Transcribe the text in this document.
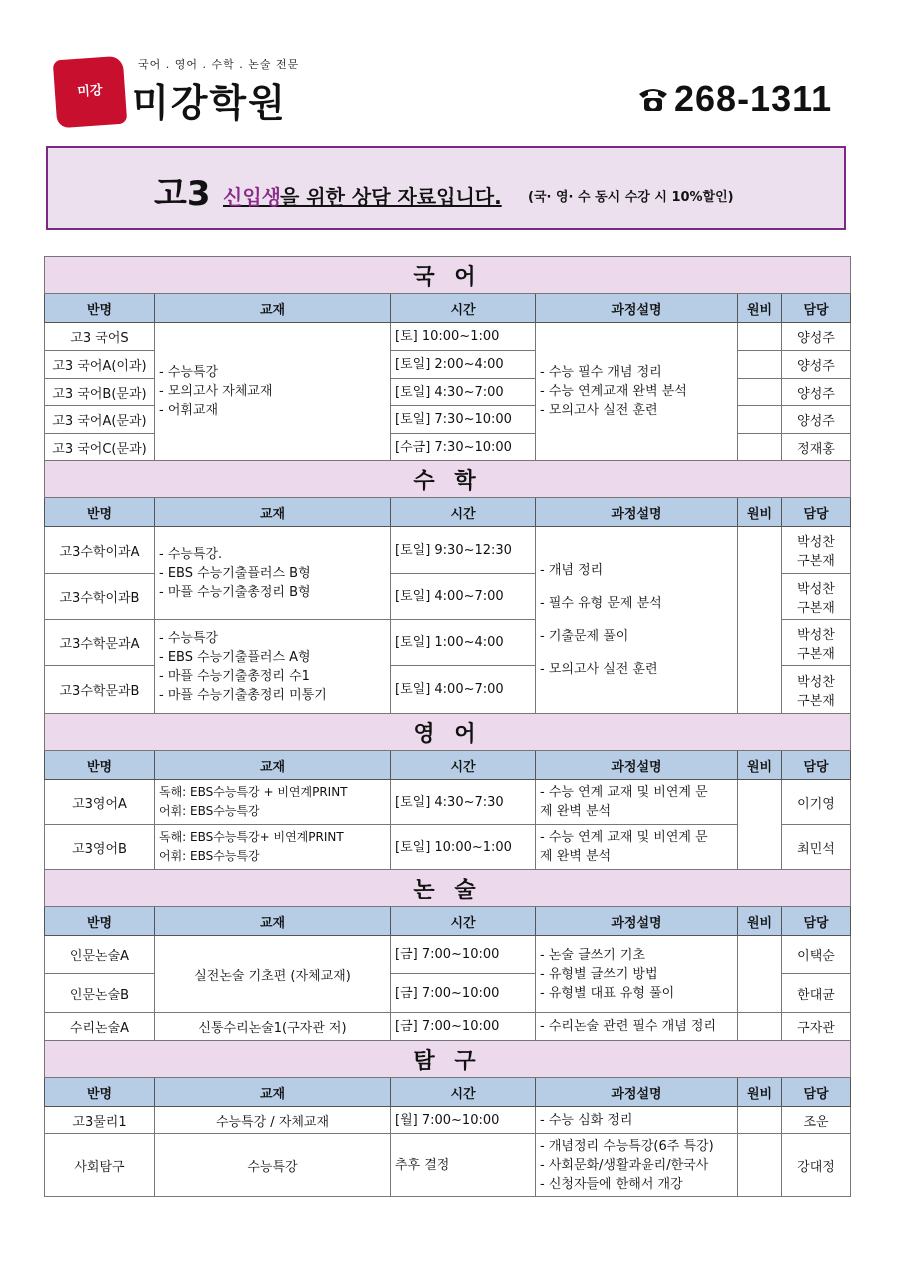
미강
국어 . 영어 . 수학 . 논술 전문
미강학원	268-1311
고3 신입생 을 위한 상담 자료입니다. (국· 영· 수 동시 수강 시 10%할인)
국 어					
반명	교재	시간	과정설명	원비	담당
고3 국어S	- 수능특강
- 모의고사 자체교재
- 어휘교재	[토] 10:00~1:00	- 수능 필수 개념 정리
- 수능 연계교재 완벽 분석
- 모의고사 실전 훈련		양성주
고3 국어A(이과)		[토일] 2:00~4:00			양성주
고3 국어B(문과)		[토일] 4:30~7:00			양성주
고3 국어A(문과)		[토일] 7:30~10:00			양성주
고3 국어C(문과)		[수금] 7:30~10:00			정재홍
수 학					
반명	교재	시간	과정설명	원비	담당
고3수학이과A	- 수능특강.
- EBS 수능기출플러스 B형
- 마플 수능기출총정리 B형	[토일] 9:30~12:30	- 개념 정리
- 필수 유형 문제 분석
- 기출문제 풀이
- 모의고사 실전 훈련		박성찬
구본재

고3수학이과B		[토일] 4:00~7:00			박성찬
구본재

고3수학문과A	- 수능특강
- EBS 수능기출플러스 A형
- 마플 수능기출총정리 수1
- 마플 수능기출총정리 미통기	[토일] 1:00~4:00			박성찬
구본재

고3수학문과B		[토일] 4:00~7:00			박성찬
구본재

영 어					
반명	교재	시간	과정설명	원비	담당
고3영어A	독해: EBS수능특강 + 비연계PRINT
어휘: EBS수능특강	[토일] 4:30~7:30	- 수능 연계 교재 및 비연계 문
제 완벽 분석		이기영
고3영어B	독해: EBS수능특강+ 비연계PRINT
어휘: EBS수능특강	[토일] 10:00~1:00	- 수능 연계 교재 및 비연계 문
제 완벽 분석		최민석
논 술					
반명	교재	시간	과정설명	원비	담당
인문논술A	실전논술 기초편 (자체교재)	[금] 7:00~10:00	- 논술 글쓰기 기초
- 유형별 글쓰기 방법
- 유형별 대표 유형 풀이		이택순
인문논술B		[금] 7:00~10:00			한대균
수리논술A	신통수리논술1(구자관 저)	[금] 7:00~10:00	- 수리논술 관련 필수 개념 정리		구자관
탐 구					
반명	교재	시간	과정설명	원비	담당
고3물리1	수능특강 / 자체교재	[월] 7:00~10:00	- 수능 심화 정리		조운
사회탐구	수능특강	추후 결정	- 개념정리 수능특강(6주 특강)
- 사회문화/생활과윤리/한국사
- 신청자들에 한해서 개강		강대정
